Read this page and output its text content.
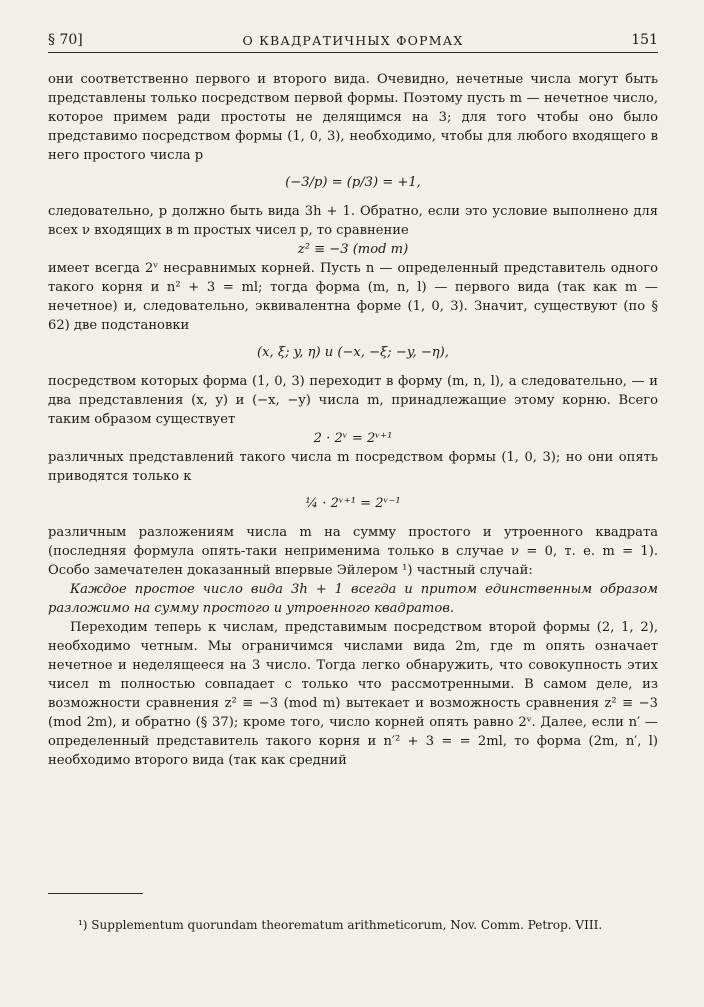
§ 70]	О КВАДРАТИЧНЫХ ФОРМАХ	151

они соответственно первого и второго вида. Очевидно, нечетные числа могут быть представлены только посредством первой формы. Поэтому пусть m — нечетное число, которое примем ради простоты не делящимся на 3; для того чтобы оно было представимо посредством формы (1, 0, 3), необходимо, чтобы для любого входящего в него простого числа p

(−3/p) = (p/3) = +1,

следовательно, p должно быть вида 3h + 1. Обратно, если это условие выполнено для всех ν входящих в m простых чисел p, то сравнение

z² ≡ −3 (mod m)

имеет всегда 2ᵛ несравнимых корней. Пусть n — определенный представитель одного такого корня и n² + 3 = ml; тогда форма (m, n, l) — первого вида (так как m — нечетное) и, следовательно, эквивалентна форме (1, 0, 3). Значит, существуют (по § 62) две подстановки

(x, ξ; y, η) и (−x, −ξ; −y, −η),

посредством которых форма (1, 0, 3) переходит в форму (m, n, l), а следовательно, — и два представления (x, y) и (−x, −y) числа m, принадлежащие этому корню. Всего таким образом существует

2 · 2ᵛ = 2ᵛ⁺¹

различных представлений такого числа m посредством формы (1, 0, 3); но они опять приводятся только к

¼ · 2ᵛ⁺¹ = 2ᵛ⁻¹

различным разложениям числа m на сумму простого и утроенного квадрата (последняя формула опять-таки неприменима только в случае ν = 0, т. е. m = 1). Особо замечателен доказанный впервые Эйлером ¹) частный случай:

Каждое простое число вида 3h + 1 всегда и притом единственным образом разложимо на сумму простого и утроенного квадратов.

Переходим теперь к числам, представимым посредством второй формы (2, 1, 2), необходимо четным. Мы ограничимся числами вида 2m, где m опять означает нечетное и неделящееся на 3 число. Тогда легко обнаружить, что совокупность этих чисел m полностью совпадает с только что рассмотренными. В самом деле, из возможности сравнения z² ≡ −3 (mod m) вытекает и возможность сравнения z² ≡ −3 (mod 2m), и обратно (§ 37); кроме того, число корней опять равно 2ᵛ. Далее, если n′ — определенный представитель такого корня и n′² + 3 = = 2ml, то форма (2m, n′, l) необходимо второго вида (так как средний

¹) Supplementum quorundam theorematum arithmeticorum, Nov. Comm. Petrop. VIII.
